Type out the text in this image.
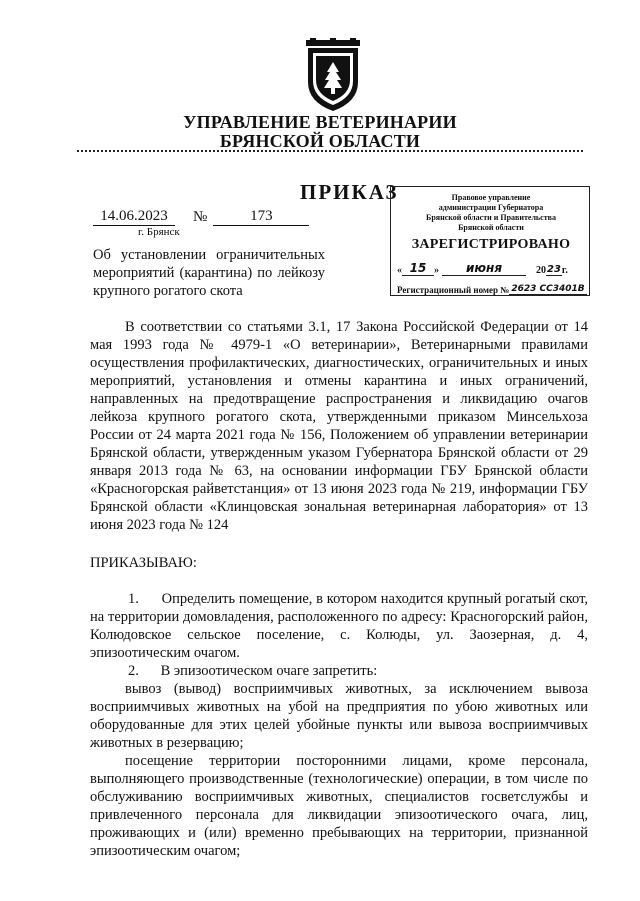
УПРАВЛЕНИЕ ВЕТЕРИНАРИИ
БРЯНСКОЙ ОБЛАСТИ
ПРИКАЗ	Правовое управление
администрации Губернатора
Брянской области и Правительства
Брянской области
ЗАРЕГИСТРИРОВАНО
« 15 »	июня	20 23 г.
Регистрационный номер № 2623 СС3401В
14.06.2023	№	173
г. Брянск
Об установлении ограничительных мероприятий (карантина) по лейкозу крупного рогатого скота

В соответствии со статьями 3.1, 17 Закона Российской Федерации от 14 мая 1993 года № 4979-1 «О ветеринарии», Ветеринарными правилами осуществления профилактических, диагностических, ограничительных и иных мероприятий, установления и отмены карантина и иных ограничений, направленных на предотвращение распространения и ликвидацию очагов лейкоза крупного рогатого скота, утвержденными приказом Минсельхоза России от 24 марта 2021 года № 156, Положением об управлении ветеринарии Брянской области, утвержденным указом Губернатора Брянской области от 29 января 2013 года № 63, на основании информации ГБУ Брянской области «Красногорская райветстанция» от 13 июня 2023 года № 219, информации ГБУ Брянской области «Клинцовская зональная ветеринарная лаборатория» от 13 июня 2023 года № 124

ПРИКАЗЫВАЮ:

1.      Определить помещение, в котором находится крупный рогатый скот, на территории домовладения, расположенного по адресу: Красногорский район, Колюдовское сельское поселение, с. Колюды, ул. Заозерная, д. 4, эпизоотическим очагом.

2.      В эпизоотическом очаге запретить:

вывоз (вывод) восприимчивых животных, за исключением вывоза восприимчивых животных на убой на предприятия по убою животных или оборудованные для этих целей убойные пункты или вывоза восприимчивых животных в резервацию;

посещение территории посторонними лицами, кроме персонала, выполняющего производственные (технологические) операции, в том числе по обслуживанию восприимчивых животных, специалистов госветслужбы и привлеченного персонала для ликвидации эпизоотического очага, лиц, проживающих и (или) временно пребывающих на территории, признанной эпизоотическим очагом;
